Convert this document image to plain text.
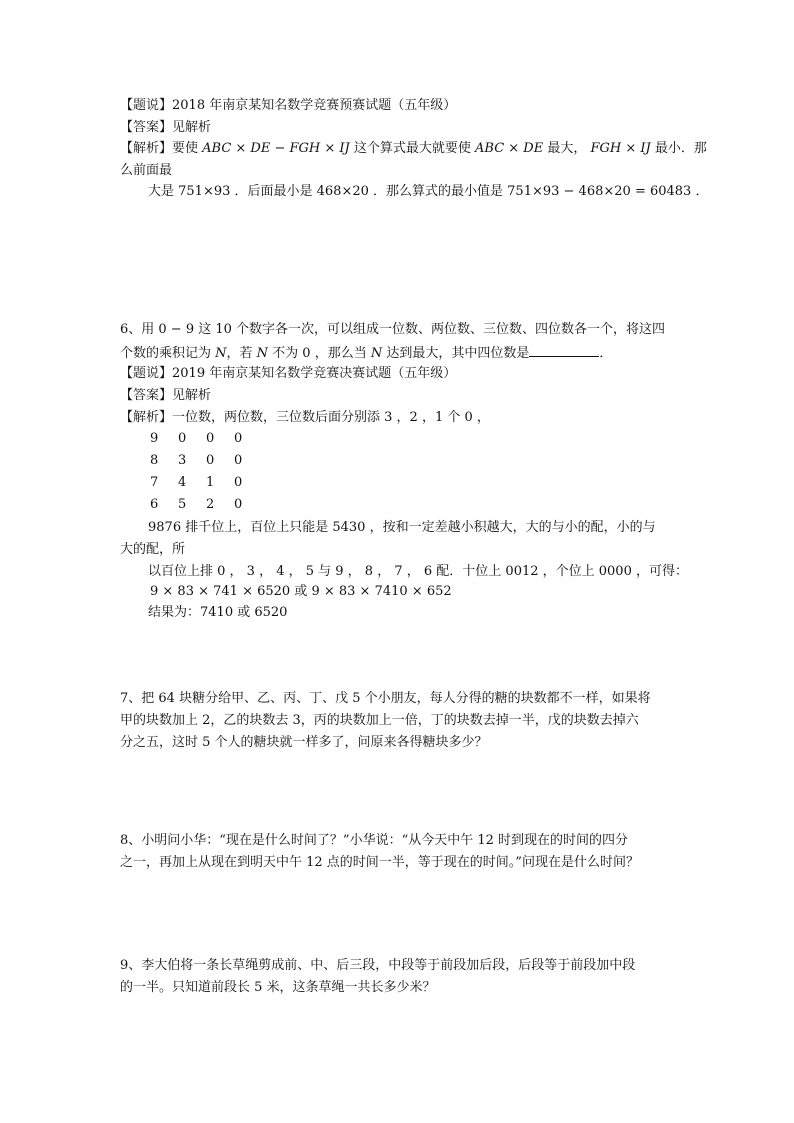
【题说】2018 年南京某知名数学竞赛预赛试题（五年级）
【答案】见解析
【解析】要使 ABC × DE − FGH × IJ 这个算式最大就要使 ABC × DE 最大， FGH × IJ 最小．那
么前面最
大是 751×93 ．后面最小是 468×20 ．那么算式的最小值是 751×93 − 468×20 = 60483 ．
6、用 0 − 9 这 10 个数字各一次，可以组成一位数、两位数、三位数、四位数各一个，将这四
个数的乘积记为 N，若 N 不为 0 ，那么当 N 达到最大，其中四位数是	．
【题说】2019 年南京某知名数学竞赛决赛试题（五年级）
【答案】见解析
【解析】一位数，两位数，三位数后面分别添 3 ，2 ，1 个 0 ，
9	0	0	0
8	3	0	0
7	4	1	0
6	5	2	0
9876 排千位上，百位上只能是 5430 ，按和一定差越小积越大，大的与小的配，小的与
大的配，所
以百位上排 0 ， 3 ， 4 ， 5 与 9 ， 8 ， 7 ， 6 配．十位上 0012 ，个位上 0000 ，可得：
9 × 83 × 741 × 6520 或 9 × 83 × 7410 × 652
结果为：7410 或 6520
7、把 64 块糖分给甲、乙、丙、丁、戊 5 个小朋友，每人分得的糖的块数都不一样，如果将
甲的块数加上 2，乙的块数去 3，丙的块数加上一倍，丁的块数去掉一半，戊的块数去掉六
分之五，这时 5 个人的糖块就一样多了，问原来各得糖块多少？
8、小明问小华：“现在是什么时间了？”小华说：“从今天中午 12 时到现在的时间的四分
之一，再加上从现在到明天中午 12 点的时间一半，等于现在的时间。”问现在是什么时间？
9、李大伯将一条长草绳剪成前、中、后三段，中段等于前段加后段，后段等于前段加中段
的一半。只知道前段长 5 米，这条草绳一共长多少米？
